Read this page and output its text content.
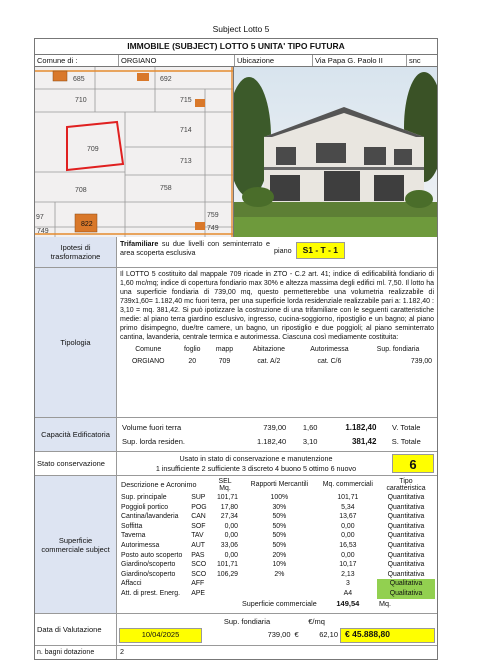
Subject Lotto 5
IMMOBILE (SUBJECT) LOTTO 5 UNITA' TIPO FUTURA
Comune di :	ORGIANO	Ubicazione	Via Papa G. Paolo II	snc
685	692
710	715
709
714
708
713
822
758
759
749
97
749
Ipotesi di trasformazione
Trifamiliare su due livelli con seminterrato e area scoperta esclusiva	piano	S1 - T - 1
Tipologia
Il LOTTO 5 costituito dal mappale 709 ricade in ZTO - C.2 art. 41; indice di edificabilità fondiario di 1,60 mc/mq; indice di copertura fondiario max 30% e altezza massima degli edifici ml. 7,50. Il lotto ha una superficie fondiaria di 739,00 mq, questo permetterebbe una volumetria realizzabile di 739x1,60= 1.182,40 mc fuori terra, per una superficie lorda residenziale realizzabile pari a: 1.182,40 : 3,10 = mq. 381,42. Si può ipotizzare la costruzione di una trifamiliare con le seguenti caratteristiche medie: al piano terra giardino esclusivo, ingresso, cucina-soggiorno, ripostiglio e un bagno; al piano primo disimpegno, due/tre camere, un bagno, un ripostiglio e due poggioli; al piano seminterrato cantina, lavanderia, centrale termica e autorimessa. Ciascuna così mediamente costituita:
Comune	foglio	mapp	Abitazione	Autorimessa	Sup. fondiaria
ORGIANO	20	709	cat. A/2	cat. C/6	739,00
Capacità Edificatoria
Volume fuori terra	739,00	1,60	1.182,40	V. Totale
Sup. lorda residen.	1.182,40	3,10	381,42	S. Totale
Stato conservazione
Usato in stato di conservazione e manutenzione
1 insufficiente 2 sufficiente 3 discreto 4 buono 5 ottimo 6 nuovo	6
Superficie commerciale subject
Descrizione e Acronimo		SEL Mq.	Rapporti Mercantili	Mq. commerciali	Tipo caratteristica
Sup. principale	SUP	101,71	100%	101,71	Quantitativa
Poggioli portico	POG	17,80	30%	5,34	Quantitativa
Cantina/lavanderia	CAN	27,34	50%	13,67	Quantitativa
Soffitta	SOF	0,00	50%	0,00	Quantitativa
Taverna	TAV	0,00	50%	0,00	Quantitativa
Autorimessa	AUT	33,06	50%	16,53	Quantitativa
Posto auto scoperto	PAS	0,00	20%	0,00	Quantitativa
Giardino/scoperto	SCO	101,71	10%	10,17	Quantitativa
Giardino/scoperto	SCO	106,29	2%	2,13	Quantitativa
Affacci	AFF			3	Qualitativa
Att. di prest. Energ.	APE			A4	Qualitativa
			Superficie commerciale	149,54	Mq.
Data di Valutazione
	Sup. fondiaria	€/mq		
10/04/2025	739,00	€	62,10	€ 45.888,80
n. bagni dotazione	2
